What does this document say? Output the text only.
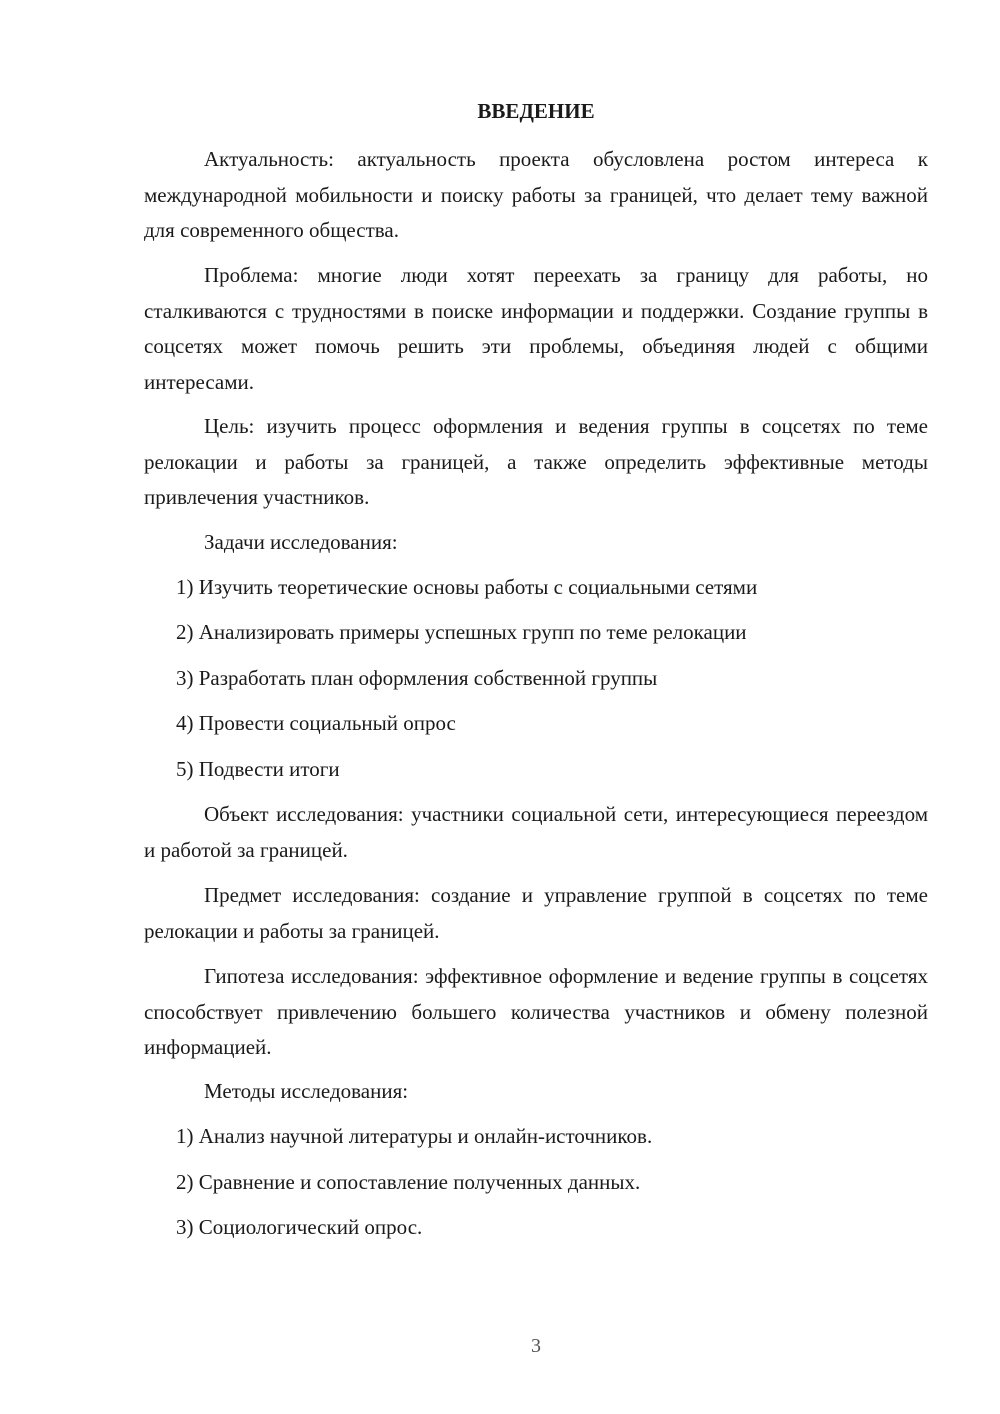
ВВЕДЕНИЕ

Актуальность: актуальность проекта обусловлена ростом интереса к международной мобильности и поиску работы за границей, что делает тему важной для современного общества.

Проблема: многие люди хотят переехать за границу для работы, но сталкиваются с трудностями в поиске информации и поддержки. Создание группы в соцсетях может помочь решить эти проблемы, объединяя людей с общими интересами.

Цель: изучить процесс оформления и ведения группы в соцсетях по теме релокации и работы за границей, а также определить эффективные методы привлечения участников.

Задачи исследования:

1) Изучить теоретические основы работы с социальными сетями

2) Анализировать примеры успешных групп по теме релокации

3) Разработать план оформления собственной группы

4) Провести социальный опрос

5) Подвести итоги

Объект исследования: участники социальной сети, интересующиеся переездом и работой за границей.

Предмет исследования: создание и управление группой в соцсетях по теме релокации и работы за границей.

Гипотеза исследования: эффективное оформление и ведение группы в соцсетях способствует привлечению большего количества участников и обмену полезной информацией.

Методы исследования:

1) Анализ научной литературы и онлайн-источников.

2) Сравнение и сопоставление полученных данных.

3) Социологический опрос.

3
